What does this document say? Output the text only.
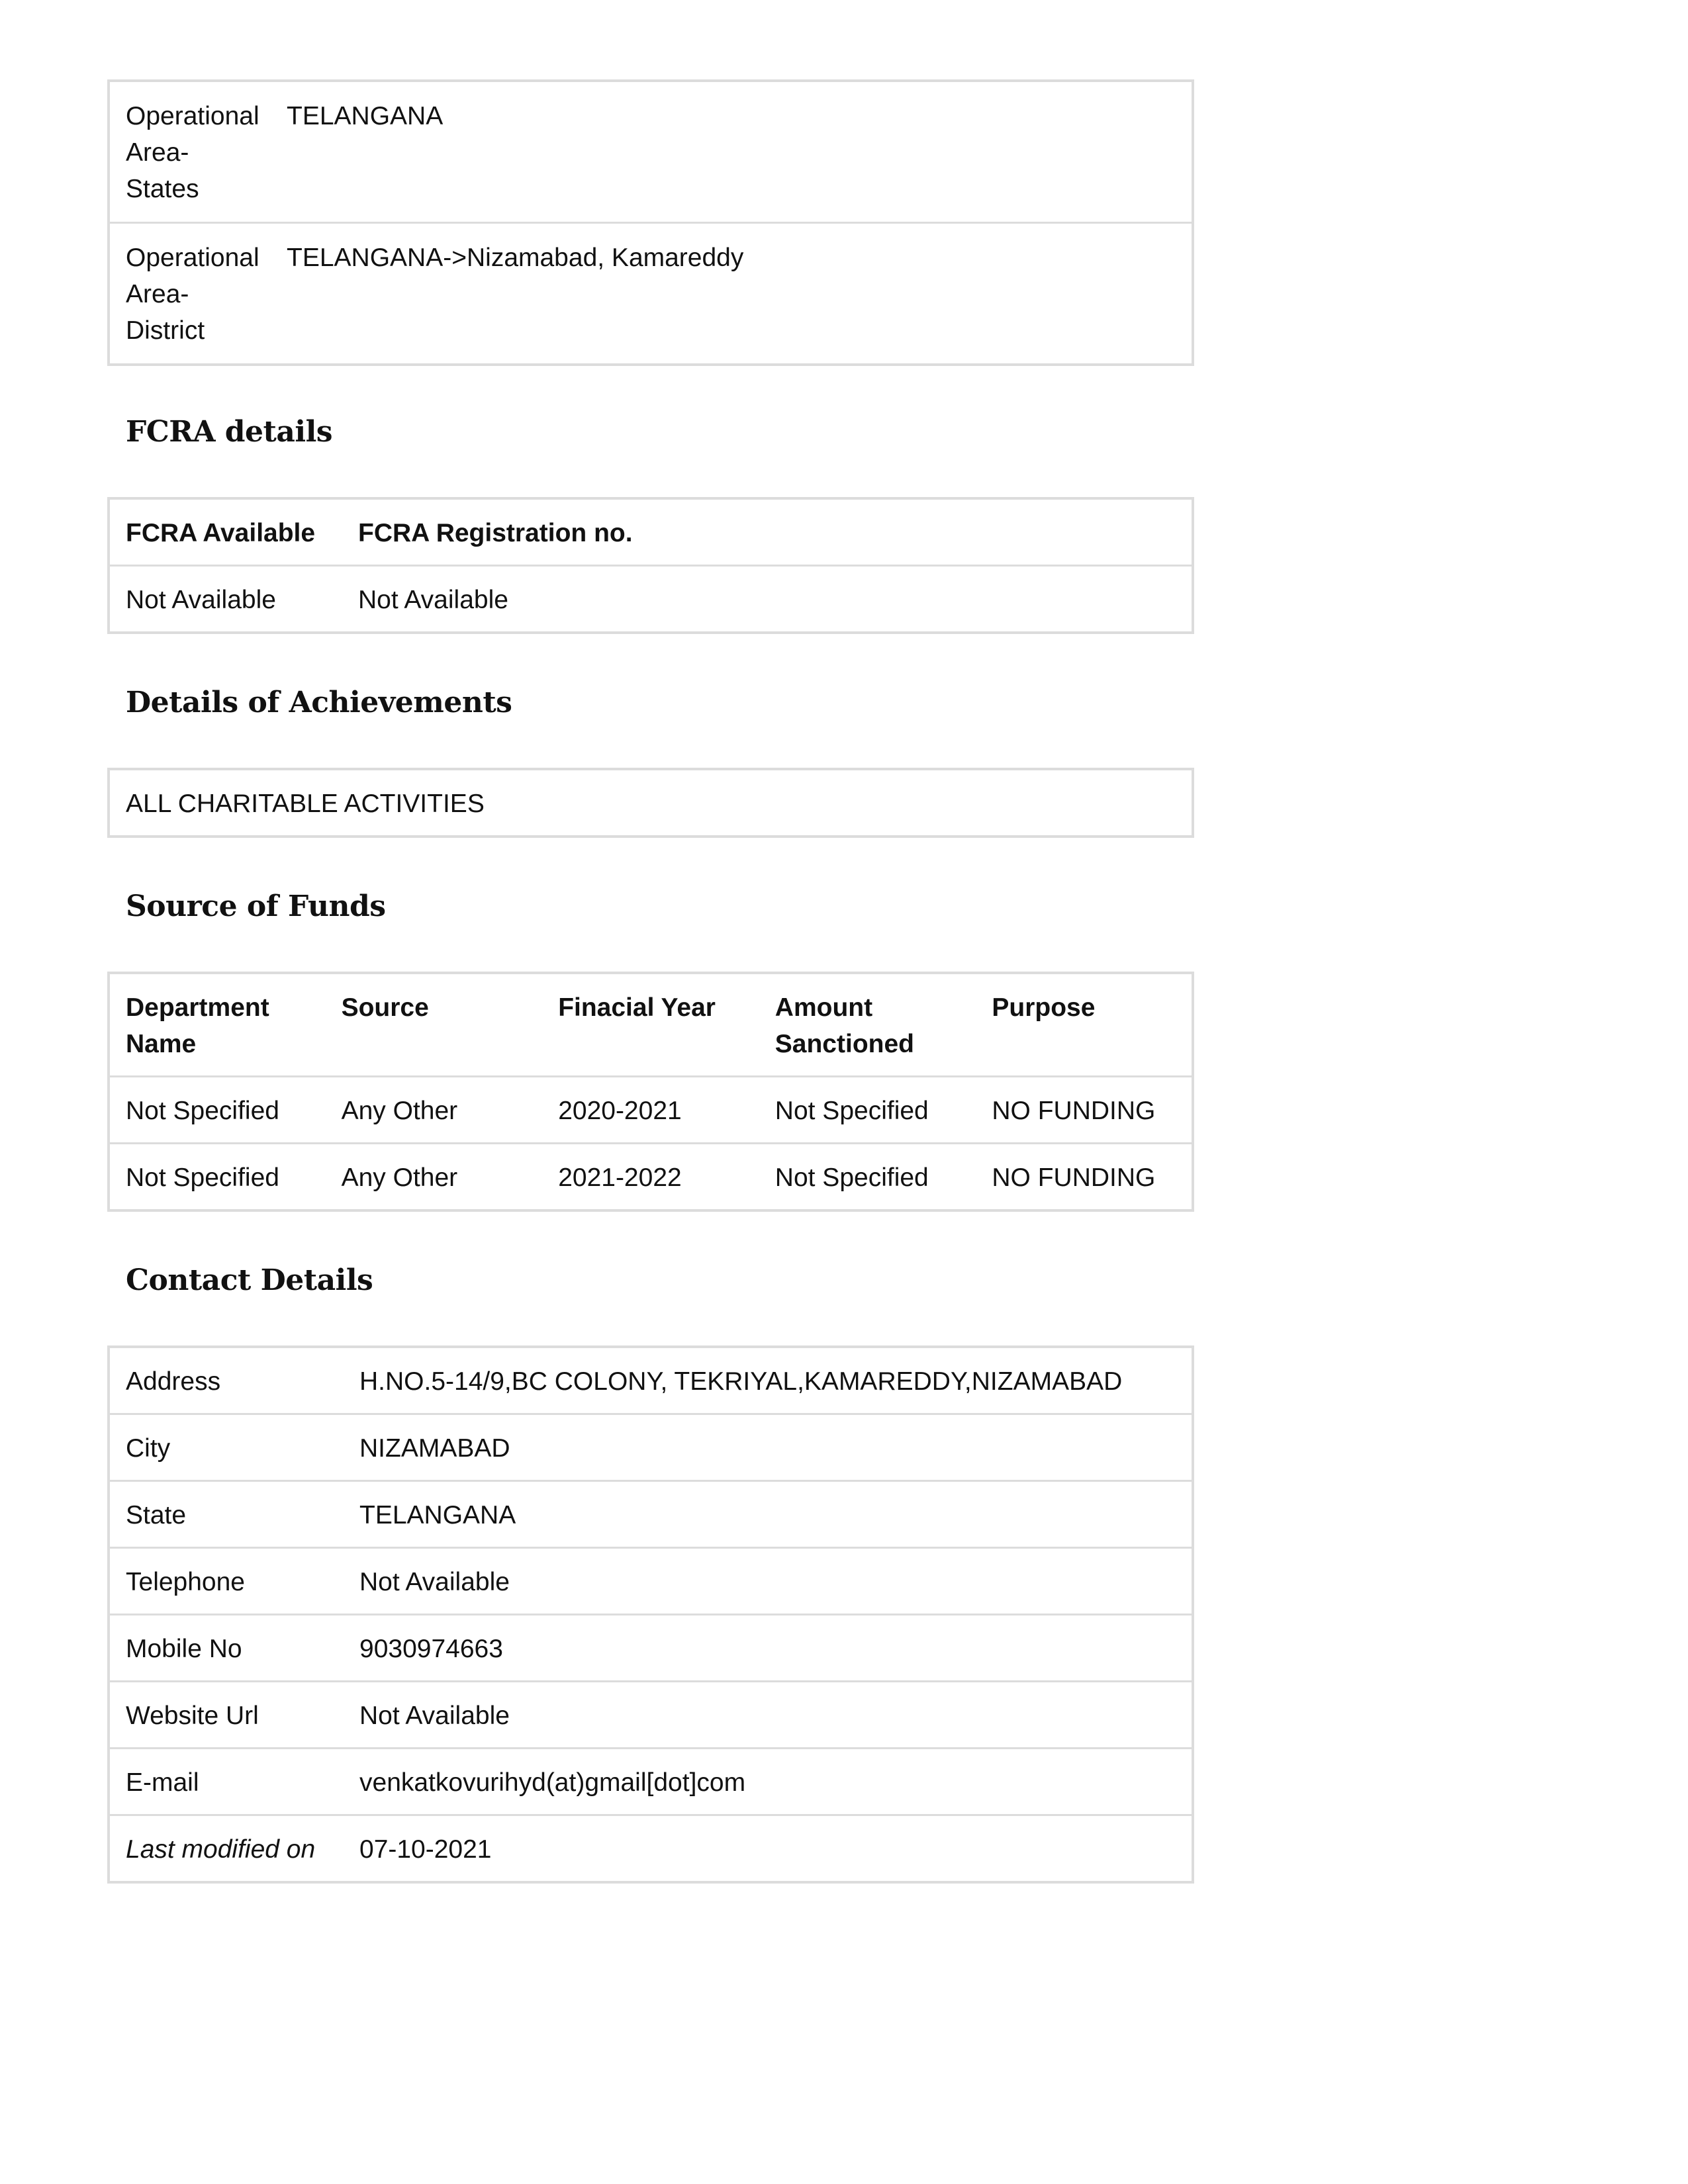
Operational Area- States	TELANGANA
Operational Area- District	TELANGANA->Nizamabad, Kamareddy
FCRA details
FCRA Available	FCRA Registration no.
Not Available	Not Available
Details of Achievements
ALL CHARITABLE ACTIVITIES
Source of Funds
Department Name	Source	Finacial Year	Amount Sanctioned	Purpose
Not Specified	Any Other	2020-2021	Not Specified	NO FUNDING
Not Specified	Any Other	2021-2022	Not Specified	NO FUNDING
Contact Details
Address	H.NO.5-14/9,BC COLONY, TEKRIYAL,KAMAREDDY,NIZAMABAD
City	NIZAMABAD
State	TELANGANA
Telephone	Not Available
Mobile No	9030974663
Website Url	Not Available
E-mail	venkatkovurihyd(at)gmail[dot]com
Last modified on	07-10-2021
